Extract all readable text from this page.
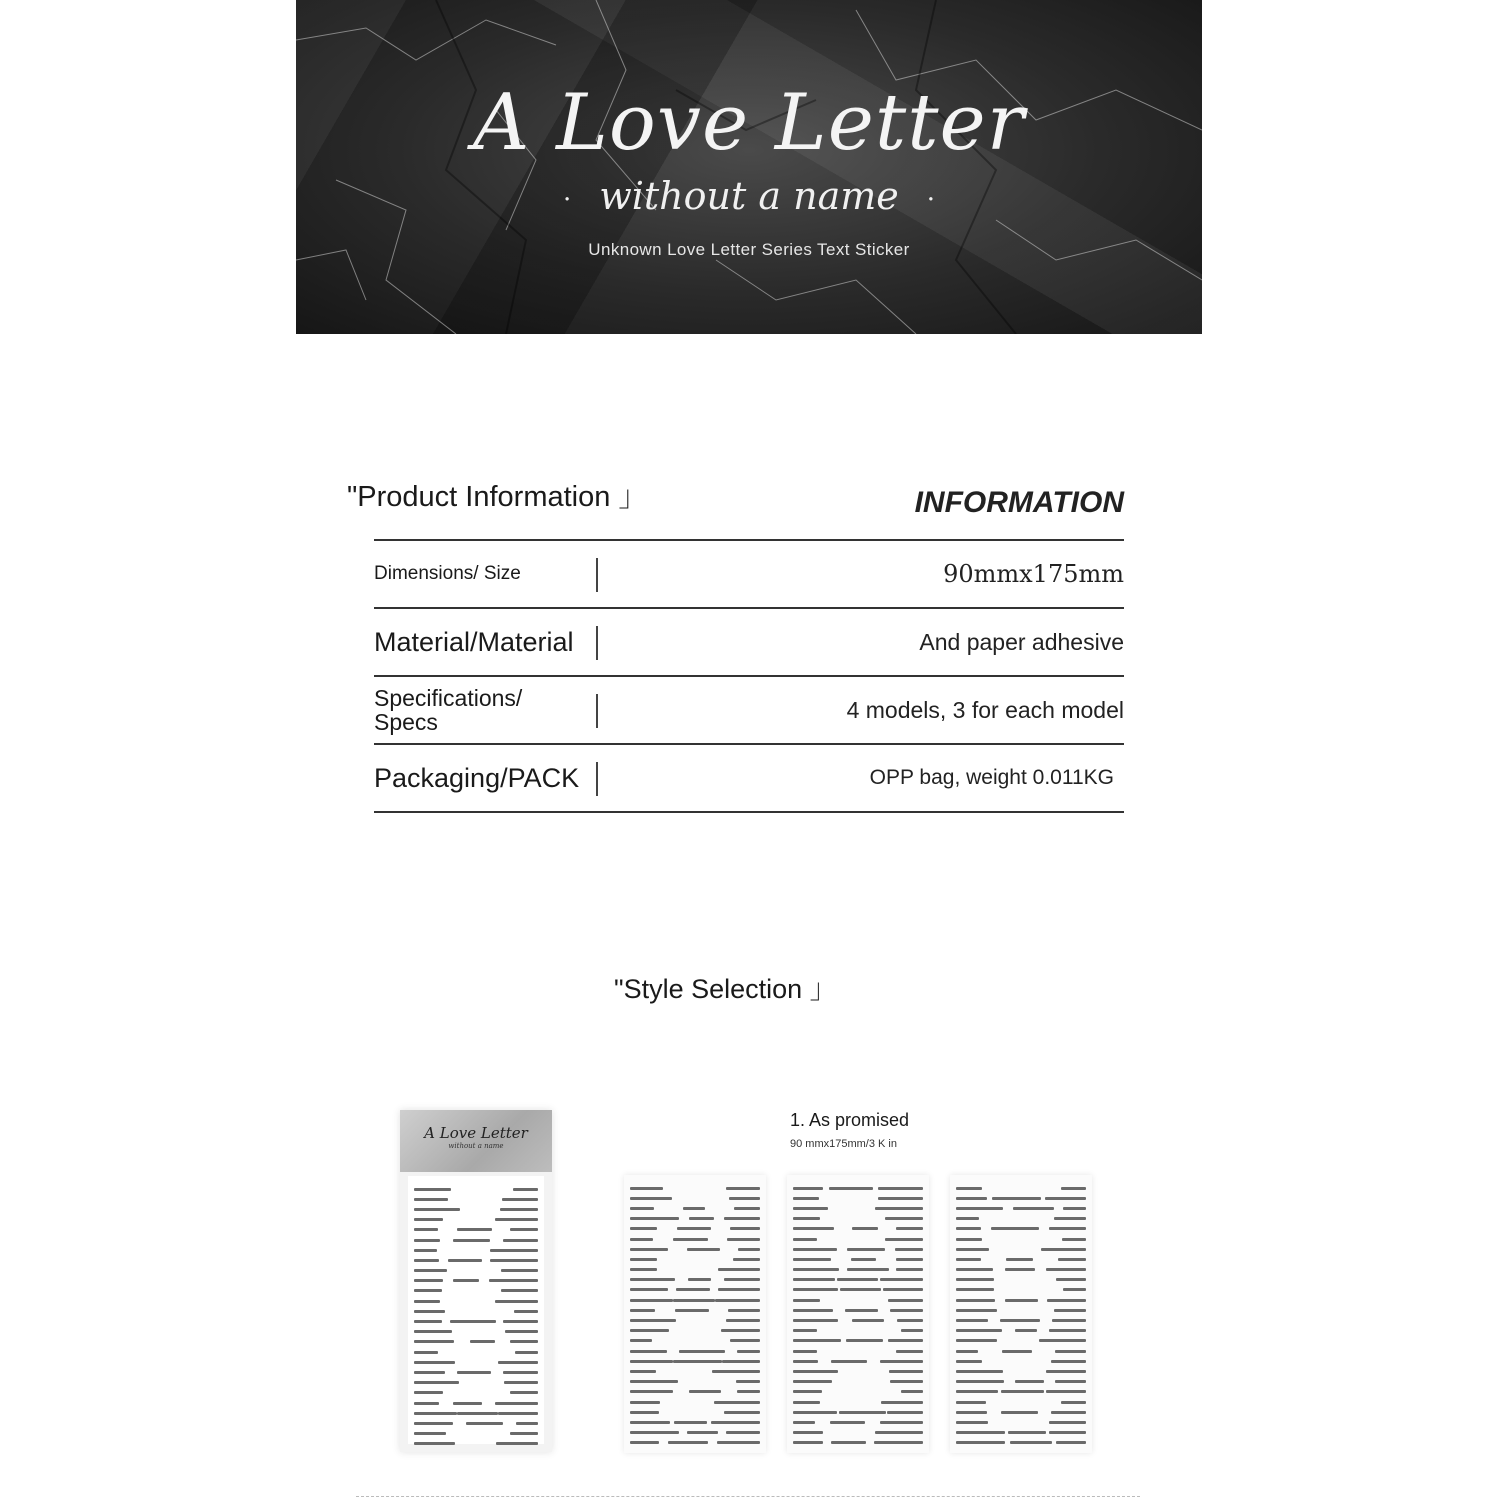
A Love Letter
· without a name ·
Unknown Love Letter Series Text Sticker
"Product Information 」	INFORMATION
Dimensions/ Size	90mmx175mm
Material/Material	And paper adhesive
Specifications/ Specs	4 models, 3 for each model
Packaging/PACK	OPP bag, weight 0.011KG
"Style Selection 」
1. As promised
90 mmx175mm/3 K in
A Love Letter
without a name
